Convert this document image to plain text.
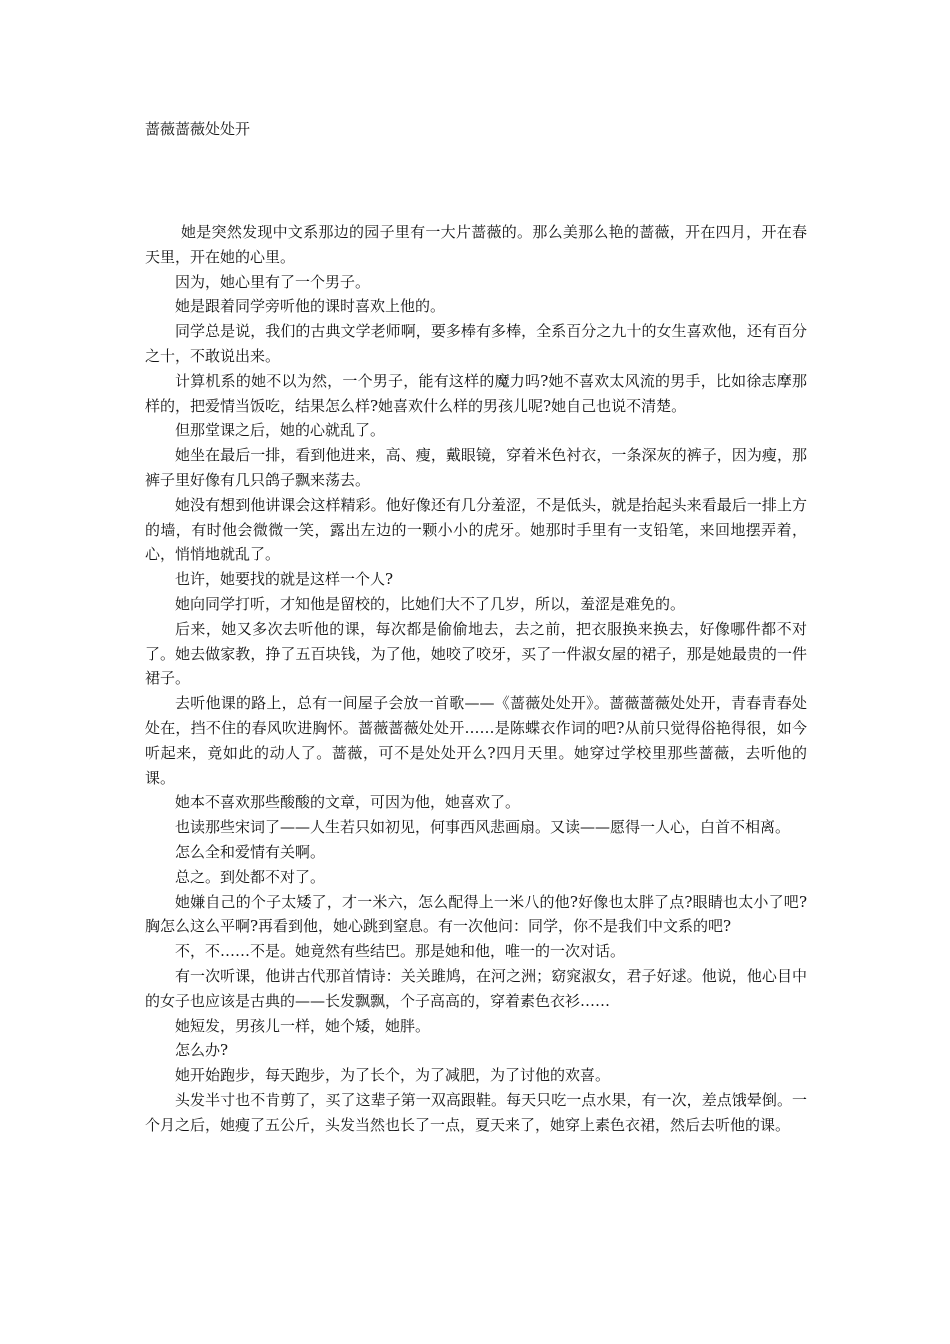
蔷薇蔷薇处处开

她是突然发现中文系那边的园子里有一大片蔷薇的。那么美那么艳的蔷薇，开在四月，开在春天里，开在她的心里。

因为，她心里有了一个男子。

她是跟着同学旁听他的课时喜欢上他的。

同学总是说，我们的古典文学老师啊，要多棒有多棒，全系百分之九十的女生喜欢他，还有百分之十，不敢说出来。

计算机系的她不以为然，一个男子，能有这样的魔力吗?她不喜欢太风流的男手，比如徐志摩那样的，把爱情当饭吃，结果怎么样?她喜欢什么样的男孩儿呢?她自己也说不清楚。

但那堂课之后，她的心就乱了。

她坐在最后一排，看到他进来，高、瘦，戴眼镜，穿着米色衬衣，一条深灰的裤子，因为瘦，那裤子里好像有几只鸽子飘来荡去。

她没有想到他讲课会这样精彩。他好像还有几分羞涩，不是低头，就是抬起头来看最后一排上方的墙，有时他会微微一笑，露出左边的一颗小小的虎牙。她那时手里有一支铅笔，来回地摆弄着，心，悄悄地就乱了。

也许，她要找的就是这样一个人?

她向同学打听，才知他是留校的，比她们大不了几岁，所以，羞涩是难免的。

后来，她又多次去听他的课，每次都是偷偷地去，去之前，把衣服换来换去，好像哪件都不对了。她去做家教，挣了五百块钱，为了他，她咬了咬牙，买了一件淑女屋的裙子，那是她最贵的一件裙子。

去听他课的路上，总有一间屋子会放一首歌——《蔷薇处处开》。蔷薇蔷薇处处开，青春青春处处在，挡不住的春风吹进胸怀。蔷薇蔷薇处处开……是陈蝶衣作词的吧?从前只觉得俗艳得很，如今听起来，竟如此的动人了。蔷薇，可不是处处开么?四月天里。她穿过学校里那些蔷薇，去听他的课。

她本不喜欢那些酸酸的文章，可因为他，她喜欢了。

也读那些宋词了——人生若只如初见，何事西风悲画扇。又读——愿得一人心，白首不相离。

怎么全和爱情有关啊。

总之。到处都不对了。

她嫌自己的个子太矮了，才一米六，怎么配得上一米八的他?好像也太胖了点?眼睛也太小了吧?胸怎么这么平啊?再看到他，她心跳到窒息。有一次他问：同学，你不是我们中文系的吧?

不，不……不是。她竟然有些结巴。那是她和他，唯一的一次对话。

有一次听课，他讲古代那首情诗：关关雎鸠，在河之洲；窈窕淑女，君子好逑。他说，他心目中的女子也应该是古典的——长发飘飘，个子高高的，穿着素色衣衫……

她短发，男孩儿一样，她个矮，她胖。

怎么办?

她开始跑步，每天跑步，为了长个，为了减肥，为了讨他的欢喜。

头发半寸也不肯剪了，买了这辈子第一双高跟鞋。每天只吃一点水果，有一次，差点饿晕倒。一个月之后，她瘦了五公斤，头发当然也长了一点，夏天来了，她穿上素色衣裙，然后去听他的课。
